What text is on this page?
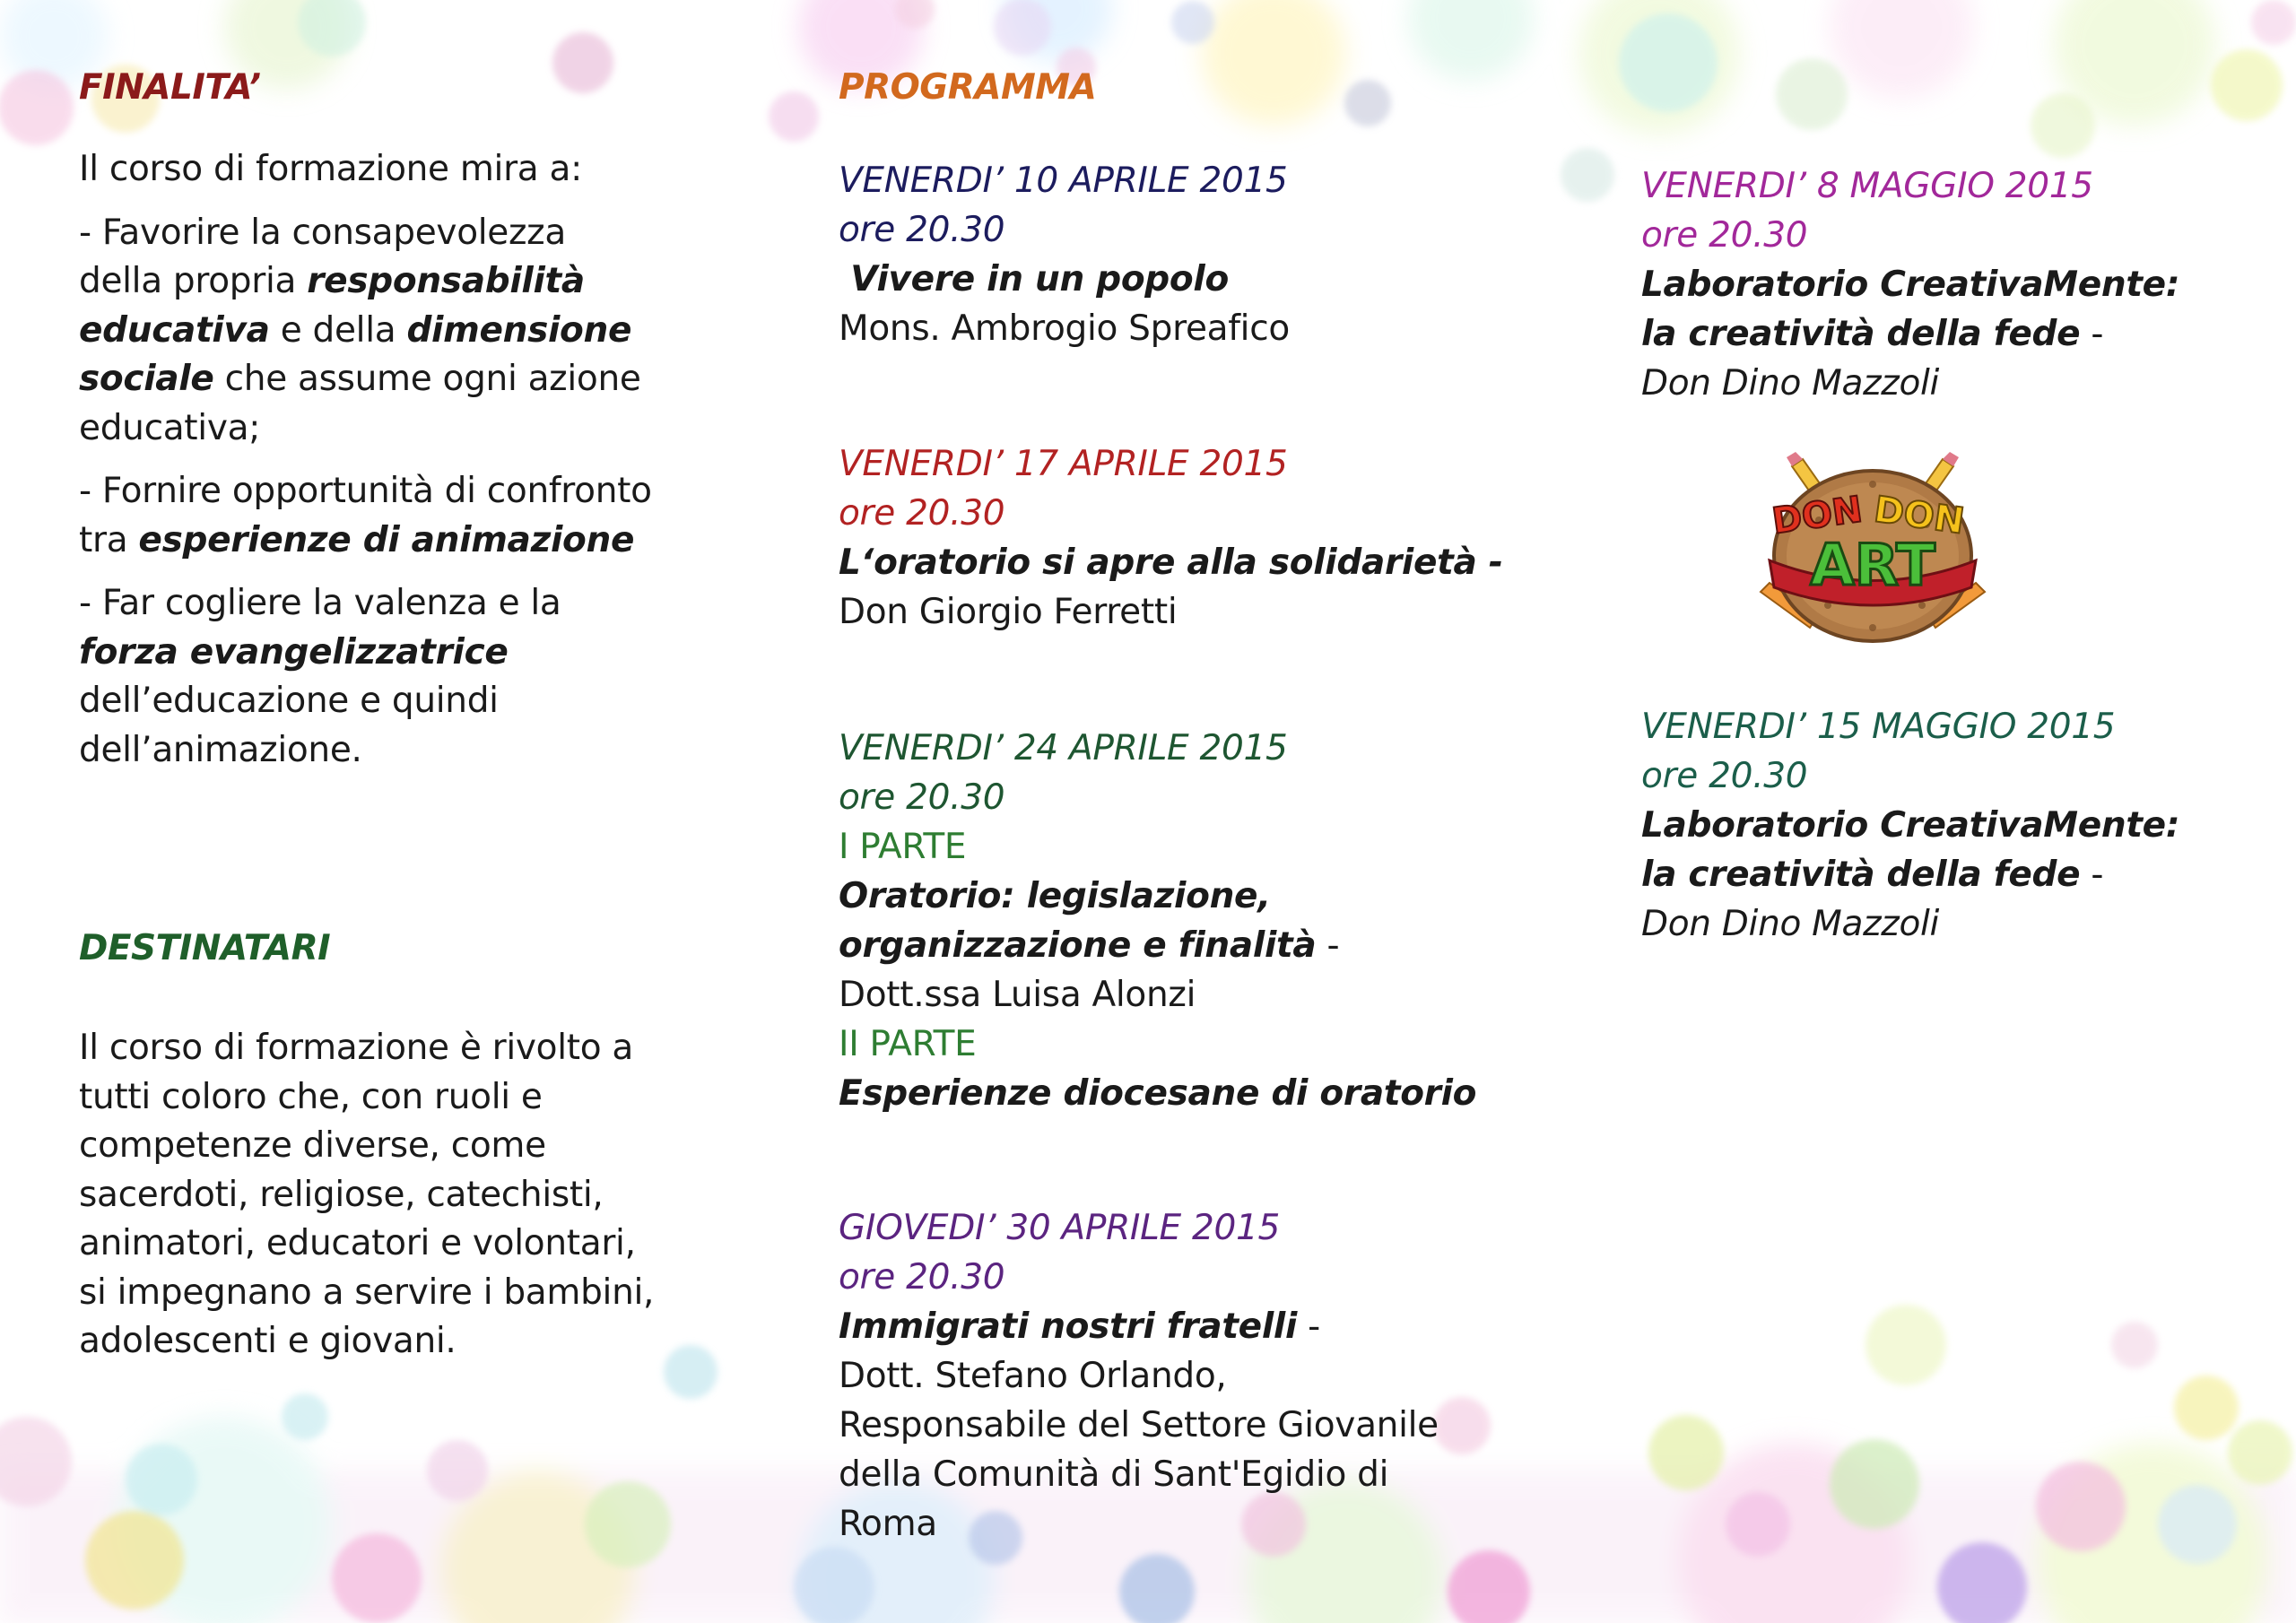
FINALITA’

Il corso di formazione mira a:

- Favorire la consapevolezza
della propria responsabilità
educativa e della dimensione
sociale che assume ogni azione
educativa;

- Fornire opportunità di confronto
tra esperienze di animazione

- Far cogliere la valenza e la
forza evangelizzatrice
dell’educazione e quindi
dell’animazione.

DESTINATARI
Il corso di formazione è rivolto a
tutti coloro che, con ruoli e
competenze diverse, come
sacerdoti, religiose, catechisti,
animatori, educatori e volontari,
si impegnano a servire i bambini,
adolescenti e giovani.
PROGRAMMA
VENERDI’ 10 APRILE 2015
ore 20.30
Vivere in un popolo
Mons. Ambrogio Spreafico
VENERDI’ 17 APRILE 2015
ore 20.30
L‘oratorio si apre alla solidarietà -
Don Giorgio Ferretti
VENERDI’ 24 APRILE 2015
ore 20.30
I PARTE
Oratorio: legislazione,
organizzazione e finalità -
Dott.ssa Luisa Alonzi
II PARTE
Esperienze diocesane di oratorio
GIOVEDI’ 30 APRILE 2015
ore 20.30
Immigrati nostri fratelli -
Dott. Stefano Orlando,
Responsabile del Settore Giovanile
della Comunità di Sant'Egidio di
Roma
VENERDI’ 8 MAGGIO 2015
ore 20.30
Laboratorio CreativaMente:
la creatività della fede -
Don Dino Mazzoli
VENERDI’ 15 MAGGIO 2015
ore 20.30
Laboratorio CreativaMente:
la creatività della fede -
Don Dino Mazzoli
DON DON
ART
